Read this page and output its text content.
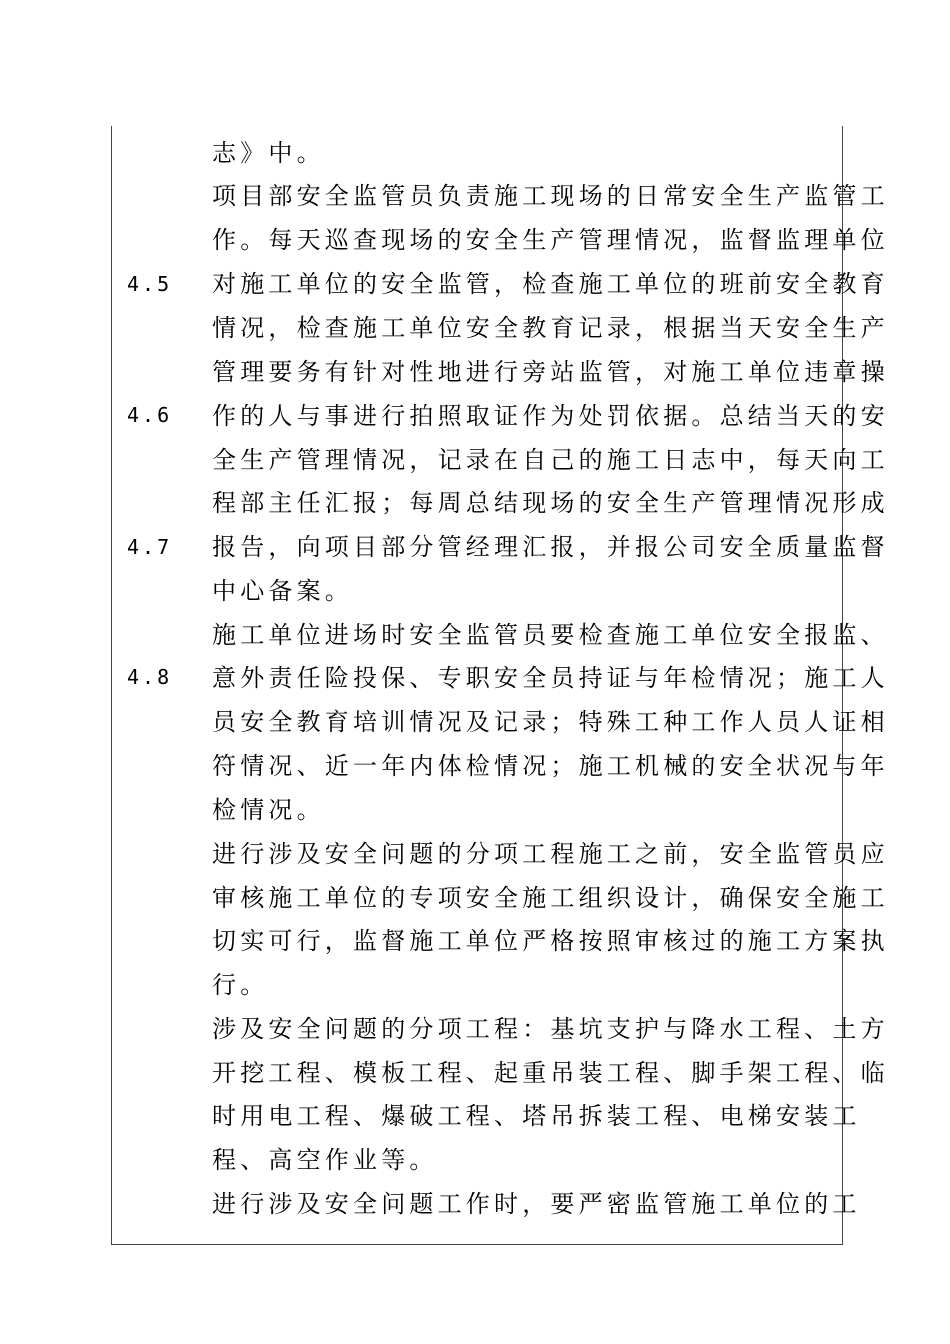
4.5
4.6
4.7
4.8
志》中。
项目部安全监管员负责施工现场的日常安全生产监管工
作。每天巡查现场的安全生产管理情况，监督监理单位
对施工单位的安全监管，检查施工单位的班前安全教育
情况，检查施工单位安全教育记录，根据当天安全生产
管理要务有针对性地进行旁站监管，对施工单位违章操
作的人与事进行拍照取证作为处罚依据。总结当天的安
全生产管理情况，记录在自己的施工日志中，每天向工
程部主任汇报；每周总结现场的安全生产管理情况形成
报告，向项目部分管经理汇报，并报公司安全质量监督
中心备案。
施工单位进场时安全监管员要检查施工单位安全报监、
意外责任险投保、专职安全员持证与年检情况；施工人
员安全教育培训情况及记录；特殊工种工作人员人证相
符情况、近一年内体检情况；施工机械的安全状况与年
检情况。
进行涉及安全问题的分项工程施工之前，安全监管员应
审核施工单位的专项安全施工组织设计，确保安全施工
切实可行，监督施工单位严格按照审核过的施工方案执
行。
涉及安全问题的分项工程：基坑支护与降水工程、土方
开挖工程、模板工程、起重吊装工程、脚手架工程、临
时用电工程、爆破工程、塔吊拆装工程、电梯安装工
程、高空作业等。
进行涉及安全问题工作时，要严密监管施工单位的工
